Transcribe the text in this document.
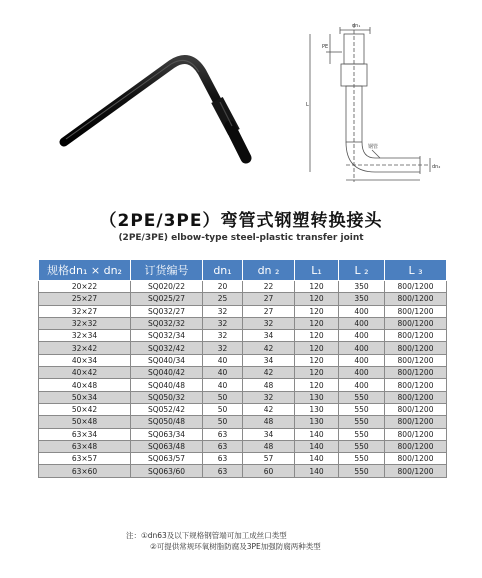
dn₁
PE
L
钢管
dn₂
（2PE/3PE）弯管式钢塑转换接头
(2PE/3PE) elbow-type steel-plastic transfer joint
规格dn₁ × dn₂	订货编号	dn₁	dn ₂	L₁	L ₂	L ₃
20×22	SQ020/22	20	22	120	350	800/1200
25×27	SQ025/27	25	27	120	350	800/1200
32×27	SQ032/27	32	27	120	400	800/1200
32×32	SQ032/32	32	32	120	400	800/1200
32×34	SQ032/34	32	34	120	400	800/1200
32×42	SQ032/42	32	42	120	400	800/1200
40×34	SQ040/34	40	34	120	400	800/1200
40×42	SQ040/42	40	42	120	400	800/1200
40×48	SQ040/48	40	48	120	400	800/1200
50×34	SQ050/32	50	32	130	550	800/1200
50×42	SQ052/42	50	42	130	550	800/1200
50×48	SQ050/48	50	48	130	550	800/1200
63×34	SQ063/34	63	34	140	550	800/1200
63×48	SQ063/48	63	48	140	550	800/1200
63×57	SQ063/57	63	57	140	550	800/1200
63×60	SQ063/60	63	60	140	550	800/1200
注：①dn63及以下规格钢管端可加工成丝口类型
②可提供常规环氧树脂防腐及3PE加强防腐两种类型
